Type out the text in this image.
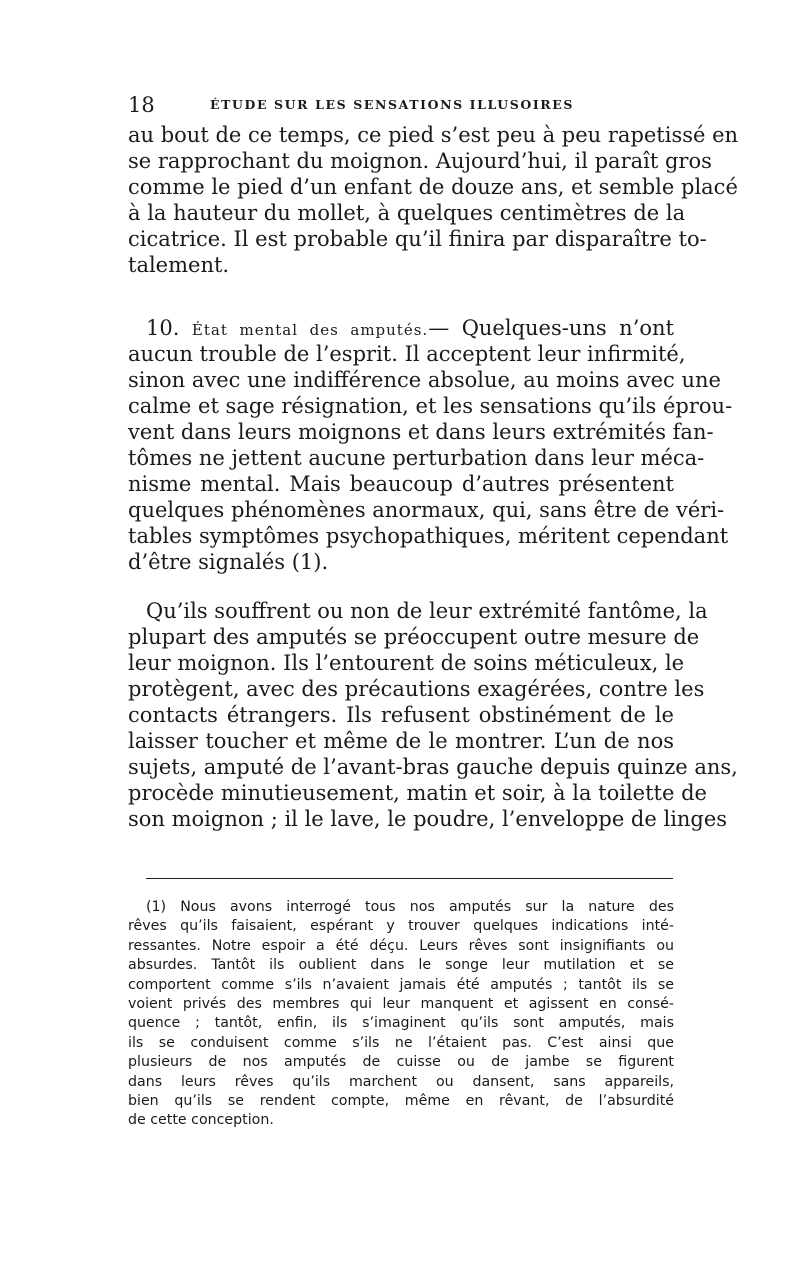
18	ÉTUDE SUR LES SENSATIONS ILLUSOIRES
au bout de ce temps, ce pied s’est peu à peu rapetissé en
se rapprochant du moignon. Aujourd’hui, il paraît gros
comme le pied d’un enfant de douze ans, et semble placé
à la hauteur du mollet, à quelques centimètres de la
cicatrice. Il est probable qu’il finira par disparaître to-
talement.
10. État mental des amputés.— Quelques-uns n’ont
aucun trouble de l’esprit. Il acceptent leur infirmité,
sinon avec une indifférence absolue, au moins avec une
calme et sage résignation, et les sensations qu’ils éprou-
vent dans leurs moignons et dans leurs extrémités fan-
tômes ne jettent aucune perturbation dans leur méca-
nisme mental. Mais beaucoup d’autres présentent
quelques phénomènes anormaux, qui, sans être de véri-
tables symptômes psychopathiques, méritent cependant
d’être signalés (1).
Qu’ils souffrent ou non de leur extrémité fantôme, la
plupart des amputés se préoccupent outre mesure de
leur moignon. Ils l’entourent de soins méticuleux, le
protègent, avec des précautions exagérées, contre les
contacts étrangers. Ils refusent obstinément de le
laisser toucher et même de le montrer. L’un de nos
sujets, amputé de l’avant-bras gauche depuis quinze ans,
procède minutieusement, matin et soir, à la toilette de
son moignon ; il le lave, le poudre, l’enveloppe de linges
(1) Nous avons interrogé tous nos amputés sur la nature des
rêves qu’ils faisaient, espérant y trouver quelques indications inté-
ressantes. Notre espoir a été déçu. Leurs rêves sont insignifiants ou
absurdes. Tantôt ils oublient dans le songe leur mutilation et se
comportent comme s’ils n’avaient jamais été amputés ; tantôt ils se
voient privés des membres qui leur manquent et agissent en consé-
quence ; tantôt, enfin, ils s’imaginent qu’ils sont amputés, mais
ils se conduisent comme s’ils ne l’étaient pas. C’est ainsi que
plusieurs de nos amputés de cuisse ou de jambe se figurent
dans leurs rêves qu’ils marchent ou dansent, sans appareils,
bien qu’ils se rendent compte, même en rêvant, de l’absurdité
de cette conception.
